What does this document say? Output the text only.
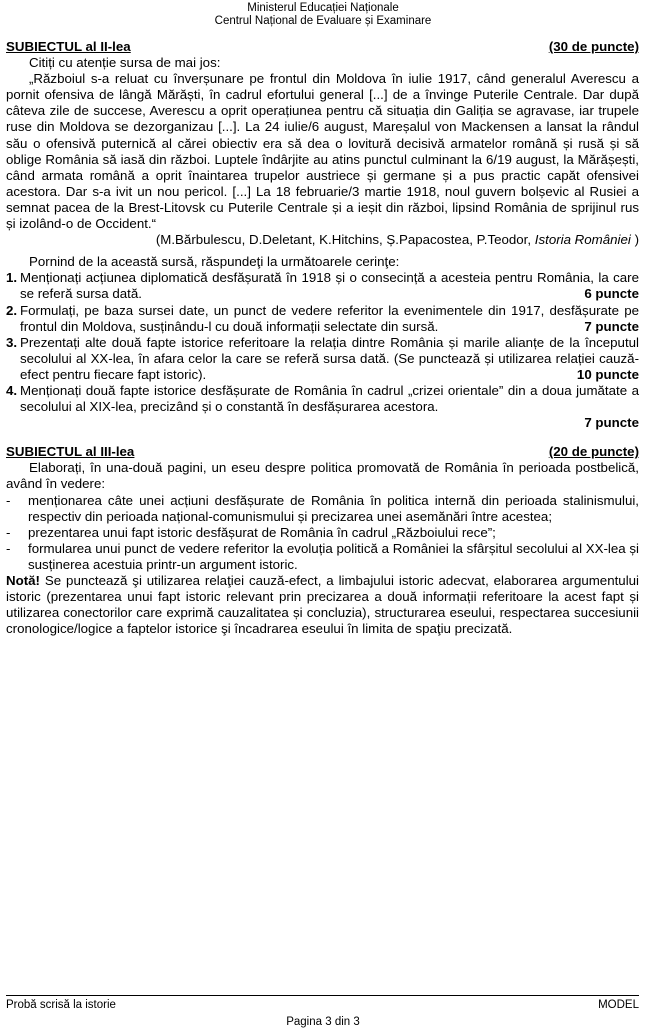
Ministerul Educației Naționale
Centrul Național de Evaluare și Examinare
SUBIECTUL al II-lea	(30 de puncte)
Citiți cu atenție sursa de mai jos:
„Războiul s-a reluat cu înverșunare pe frontul din Moldova în iulie 1917, când generalul Averescu a pornit ofensiva de lângă Mărăști, în cadrul efortului general [...] de a învinge Puterile Centrale. Dar după câteva zile de succese, Averescu a oprit operațiunea pentru că situația din Galiția se agravase, iar trupele ruse din Moldova se dezorganizau [...]. La 24 iulie/6 august, Mareșalul von Mackensen a lansat la rândul său o ofensivă puternică al cărei obiectiv era să dea o lovitură decisivă armatelor română și rusă și să oblige România să iasă din război. Luptele îndârjite au atins punctul culminant la 6/19 august, la Mărășești, când armata română a oprit înaintarea trupelor austriece și germane și a pus practic capăt ofensivei acestora. Dar s-a ivit un nou pericol. [...] La 18 februarie/3 martie 1918, noul guvern bolșevic al Rusiei a semnat pacea de la Brest-Litovsk cu Puterile Centrale și a ieșit din război, lipsind România de sprijinul rus și izolând-o de Occident.“
(M.Bărbulescu, D.Deletant, K.Hitchins, Ș.Papacostea, P.Teodor, Istoria României )
Pornind de la această sursă, răspundeţi la următoarele cerinţe:
1. Menționați acțiunea diplomatică desfășurată în 1918 și o consecință a acesteia pentru România, la care se referă sursa dată.	6 puncte
2. Formulați, pe baza sursei date, un punct de vedere referitor la evenimentele din 1917, desfășurate pe frontul din Moldova, susținându-l cu două informații selectate din sursă.	7 puncte
3. Prezentați alte două fapte istorice referitoare la relația dintre România și marile alianțe de la începutul secolului al XX-lea, în afara celor la care se referă sursa dată. (Se punctează și utilizarea relației cauză-efect pentru fiecare fapt istoric).	10 puncte
4. Menționați două fapte istorice desfășurate de România în cadrul „crizei orientale” din a doua jumătate a secolului al XIX-lea, precizând și o constantă în desfășurarea acestora.
7 puncte
SUBIECTUL al III-lea	(20 de puncte)
Elaborați, în una-două pagini, un eseu despre politica promovată de România în perioada postbelică, având în vedere:
-	menționarea câte unei acțiuni desfășurate de România în politica internă din perioada stalinismului, respectiv din perioada național-comunismului și precizarea unei asemănări între acestea;
-	prezentarea unui fapt istoric desfășurat de România în cadrul „Războiului rece”;
-	formularea unui punct de vedere referitor la evoluția politică a României la sfârșitul secolului al XX-lea și susținerea acestuia printr-un argument istoric.
Notă! Se punctează şi utilizarea relaţiei cauză-efect, a limbajului istoric adecvat, elaborarea argumentului istoric (prezentarea unui fapt istoric relevant prin precizarea a două informații referitoare la acest fapt și utilizarea conectorilor care exprimă cauzalitatea și concluzia), structurarea eseului, respectarea succesiunii cronologice/logice a faptelor istorice şi încadrarea eseului în limita de spaţiu precizată.
Probă scrisă la istorie	MODEL
Pagina 3 din 3
